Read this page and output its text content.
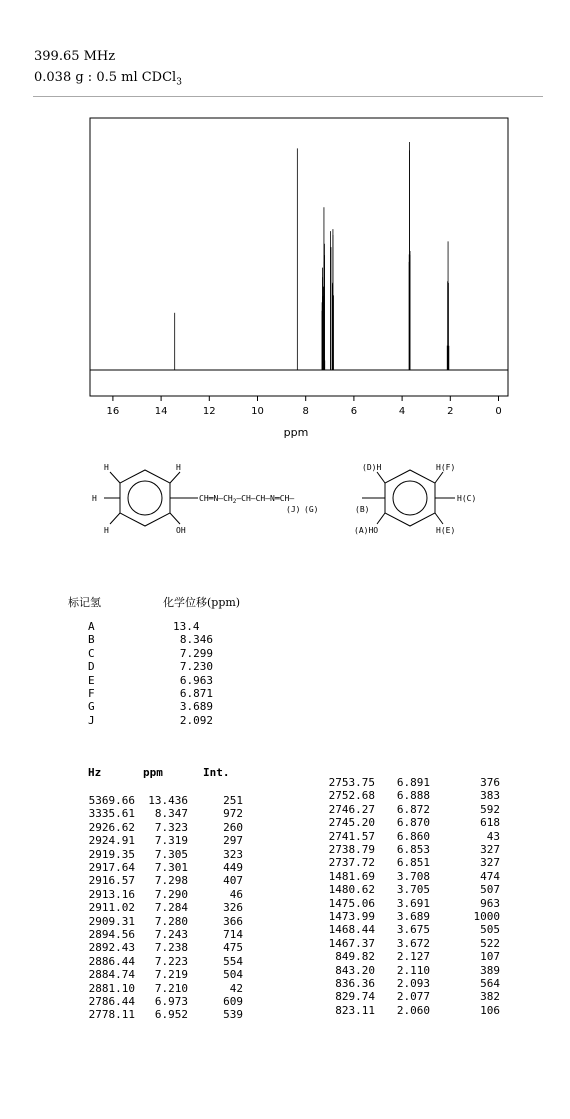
399.65 MHz
0.038 g : 0.5 ml CDCl$_3$
16	14	12	10	8	6	4	2	0
ppm
H	H
H
H	OH
$CH═N—CH_2—CH—CH—N═CH—$
(J) (G)	(B)
(D)H	H(F)
H(C)
(A)HO	H(E)
标记氢	化学位移(ppm)
A	13.4
B	8.346
C	7.299
D	7.230
E	6.963
F	6.871
G	3.689
J	2.092
Hz	ppm	Int.
5369.66	13.436	251
3335.61	8.347	972
2926.62	7.323	260
2924.91	7.319	297
2919.35	7.305	323
2917.64	7.301	449
2916.57	7.298	407
2913.16	7.290	46
2911.02	7.284	326
2909.31	7.280	366
2894.56	7.243	714
2892.43	7.238	475
2886.44	7.223	554
2884.74	7.219	504
2881.10	7.210	42
2786.44	6.973	609
2778.11	6.952	539
2753.75	6.891	376
2752.68	6.888	383
2746.27	6.872	592
2745.20	6.870	618
2741.57	6.860	43
2738.79	6.853	327
2737.72	6.851	327
1481.69	3.708	474
1480.62	3.705	507
1475.06	3.691	963
1473.99	3.689	1000
1468.44	3.675	505
1467.37	3.672	522
849.82	2.127	107
843.20	2.110	389
836.36	2.093	564
829.74	2.077	382
823.11	2.060	106
